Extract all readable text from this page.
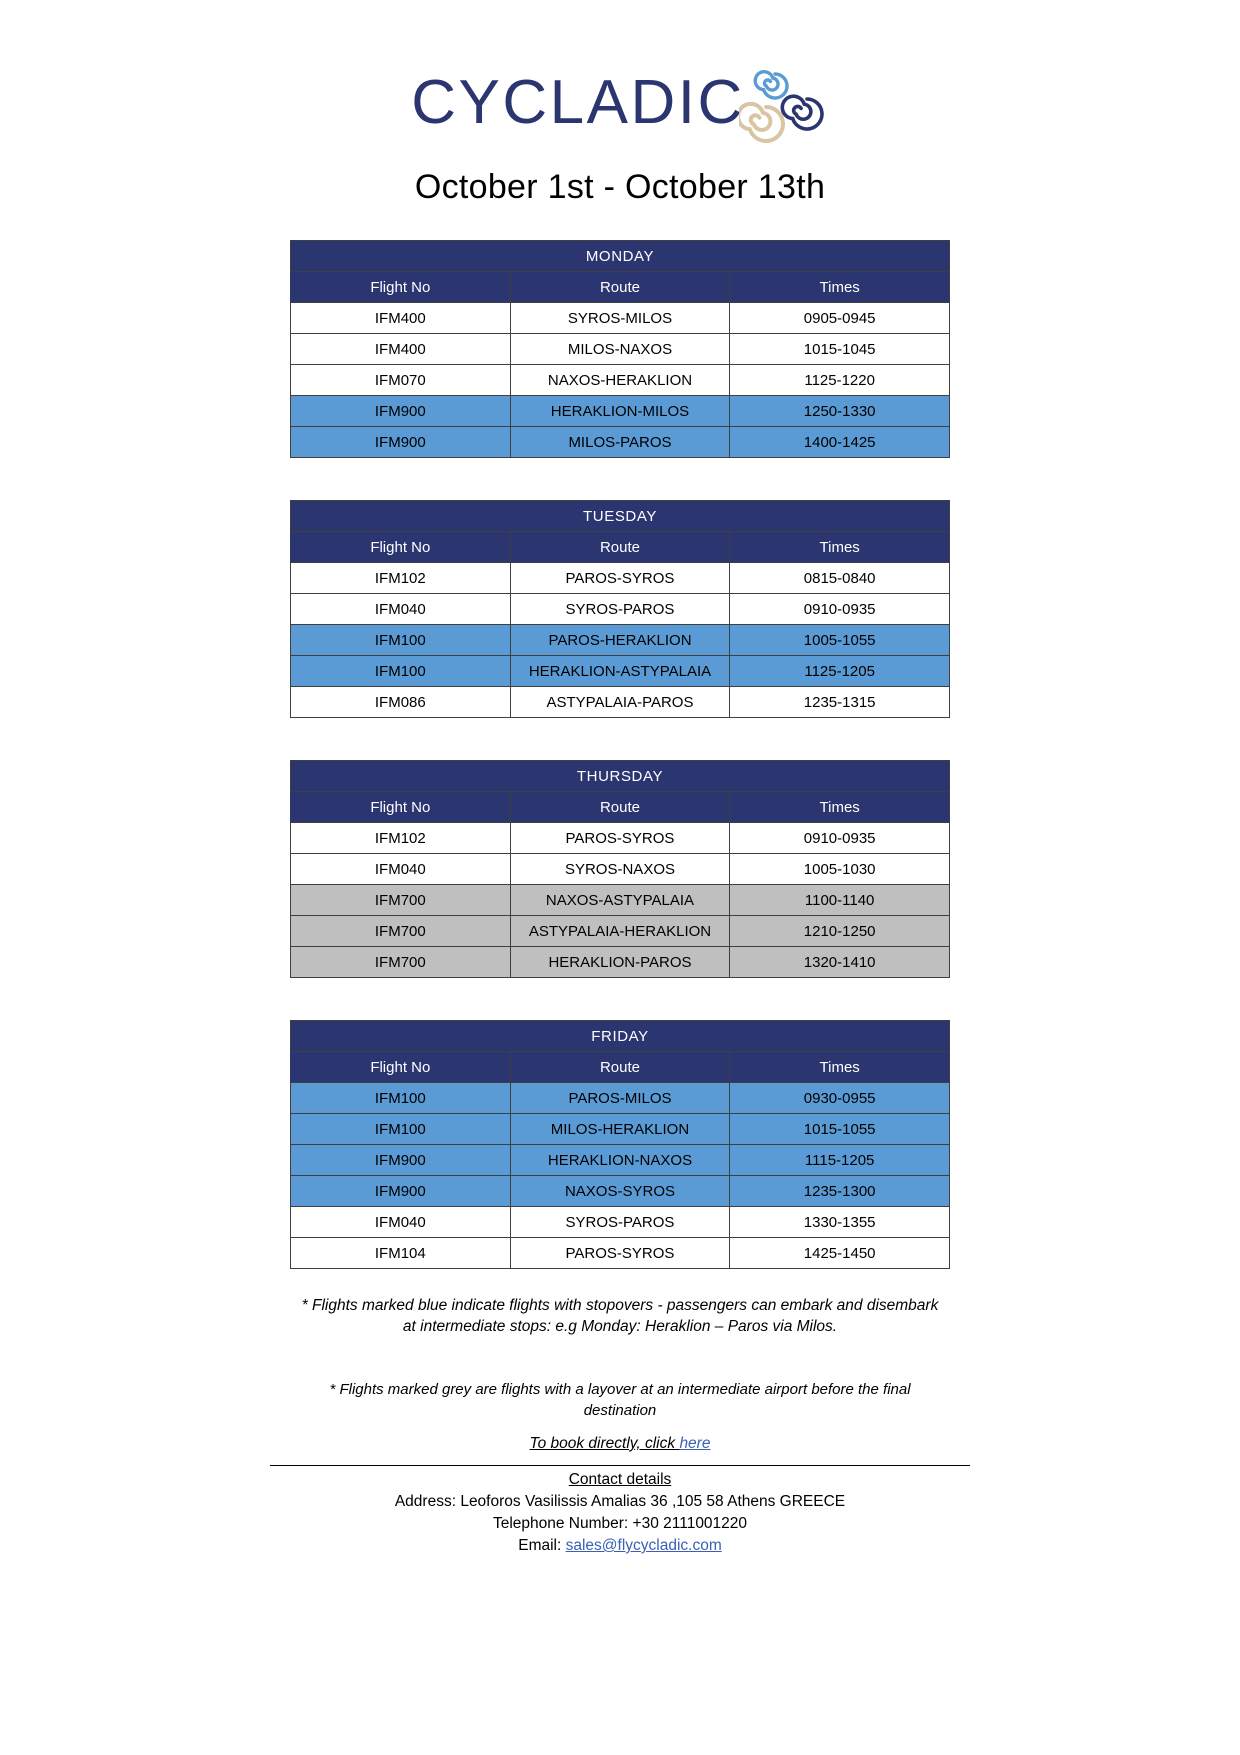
CYCLADIC
October 1st - October 13th
MONDAY		
Flight No	Route	Times
IFM400	SYROS-MILOS	0905-0945
IFM400	MILOS-NAXOS	1015-1045
IFM070	NAXOS-HERAKLION	1125-1220
IFM900	HERAKLION-MILOS	1250-1330
IFM900	MILOS-PAROS	1400-1425
TUESDAY		
Flight No	Route	Times
IFM102	PAROS-SYROS	0815-0840
IFM040	SYROS-PAROS	0910-0935
IFM100	PAROS-HERAKLION	1005-1055
IFM100	HERAKLION-ASTYPALAIA	1125-1205
IFM086	ASTYPALAIA-PAROS	1235-1315
THURSDAY		
Flight No	Route	Times
IFM102	PAROS-SYROS	0910-0935
IFM040	SYROS-NAXOS	1005-1030
IFM700	NAXOS-ASTYPALAIA	1100-1140
IFM700	ASTYPALAIA-HERAKLION	1210-1250
IFM700	HERAKLION-PAROS	1320-1410
FRIDAY		
Flight No	Route	Times
IFM100	PAROS-MILOS	0930-0955
IFM100	MILOS-HERAKLION	1015-1055
IFM900	HERAKLION-NAXOS	1115-1205
IFM900	NAXOS-SYROS	1235-1300
IFM040	SYROS-PAROS	1330-1355
IFM104	PAROS-SYROS	1425-1450
* Flights marked blue indicate flights with stopovers - passengers can embark and disembark
at intermediate stops: e.g Monday: Heraklion – Paros via Milos.
* Flights marked grey are flights with a layover at an intermediate airport before the final
destination
To book directly, click here
Contact details
Address: Leoforos Vasilissis Amalias 36 ,105 58 Athens GREECE
Telephone Number: +30 2111001220
Email: sales@flycycladic.com
